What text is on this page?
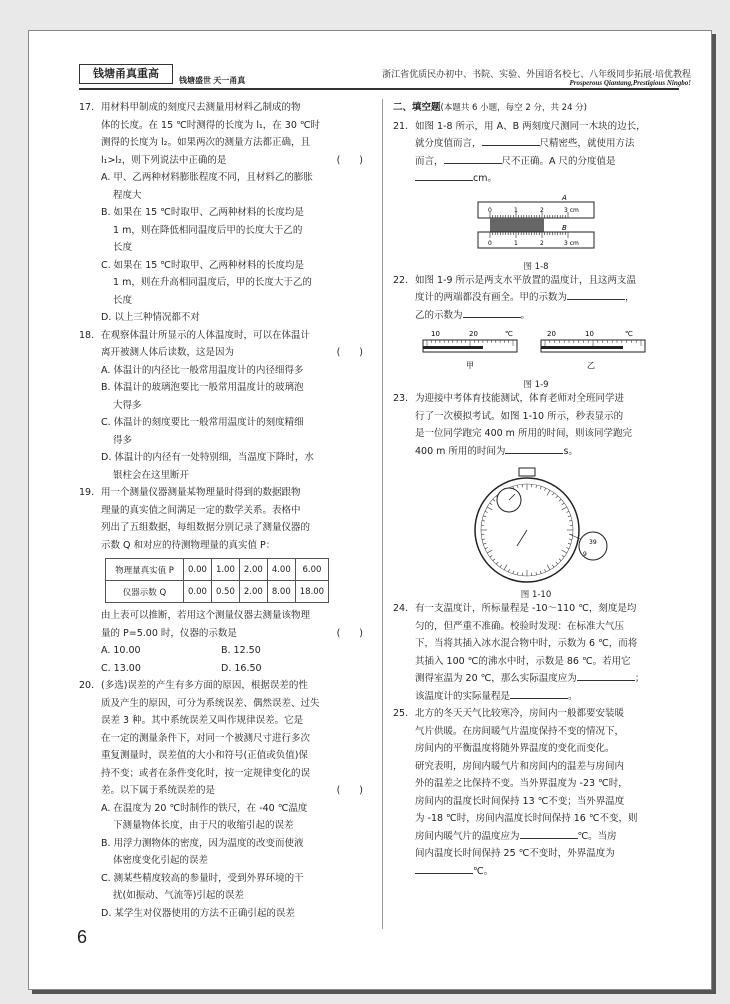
钱塘甬真重高
钱塘盛世 天一甬真
浙江省优质民办初中、书院、实验、外国语名校七、八年级同步拓展·培优教程
Prosperous Qiantang,Prestigious Ningbo!
17. 用材料甲制成的刻度尺去测量用材料乙制成的物
体的长度。在 15 ℃时测得的长度为 l₁，在 30 ℃时
测得的长度为 l₂。如果两次的测量方法都正确，且
l₁>l₂，则下列说法中正确的是	(　　)
A. 甲、乙两种材料膨胀程度不同，且材料乙的膨胀
程度大
B. 如果在 15 ℃时取甲、乙两种材料的长度均是
1 m，则在降低相同温度后甲的长度大于乙的
长度
C. 如果在 15 ℃时取甲、乙两种材料的长度均是
1 m，则在升高相同温度后，甲的长度大于乙的
长度
D. 以上三种情况都不对
18. 在观察体温计所显示的人体温度时，可以在体温计
离开被测人体后读数，这是因为	(　　)
A. 体温计的内径比一般常用温度计的内径细得多
B. 体温计的玻璃泡要比一般常用温度计的玻璃泡
大得多
C. 体温计的刻度要比一般常用温度计的刻度精细
得多
D. 体温计的内径有一处特别细，当温度下降时，水
银柱会在这里断开
19. 用一个测量仪器测量某物理量时得到的数据跟物
理量的真实值之间满足一定的数学关系。表格中
列出了五组数据，每组数据分别记录了测量仪器的
示数 Q 和对应的待测物理量的真实值 P：
物理量真实值 P	0.00	1.00	2.00	4.00	6.00
仪器示数 Q	0.00	0.50	2.00	8.00	18.00
由上表可以推断，若用这个测量仪器去测量该物理
量的 P=5.00 时，仪器的示数是	(　　)
A. 10.00	B. 12.50
C. 13.00	D. 16.50
20. (多选)误差的产生有多方面的原因，根据误差的性
质及产生的原因，可分为系统误差、偶然误差、过失
误差 3 种。其中系统误差又叫作规律误差。它是
在一定的测量条件下，对同一个被测尺寸进行多次
重复测量时，误差值的大小和符号(正值或负值)保
持不变；或者在条件变化时，按一定规律变化的误
差。以下属于系统误差的是	(　　)
A. 在温度为 20 ℃时制作的铁尺，在 -40 ℃温度
下测量物体长度，由于尺的收缩引起的误差
B. 用浮力测物体的密度，因为温度的改变而使液
体密度变化引起的误差
C. 测某些精度较高的参量时，受到外界环境的干
扰(如振动、气流等)引起的误差
D. 某学生对仪器使用的方法不正确引起的误差
二、填空题(本题共 6 小题，每空 2 分，共 24 分)
21. 如图 1-8 所示，用 A、B 两刻度尺测同一木块的边长，
就分度值而言，	尺精密些，就使用方法
而言，	尺不正确。A 尺的分度值是
cm。
A
0	1	2	3 cm
0	1	2	3 cm
B
图 1-8
22. 如图 1-9 所示是两支水平放置的温度计，且这两支温
度计的两端都没有画全。甲的示数为	，
乙的示数为	。
10	20	℃	20	10	℃
甲	乙
图 1-9
23. 为迎接中考体育技能测试，体育老师对全班同学进
行了一次模拟考试。如图 1-10 所示，秒表显示的
是一位同学跑完 400 m 所用的时间，则该同学跑完
400 m 所用的时间为	s。
39
9
图 1-10
24. 有一支温度计，所标量程是 -10～110 ℃，刻度是均
匀的，但严重不准确。校验时发现：在标准大气压
下，当将其插入冰水混合物中时，示数为 6 ℃，而将
其插入 100 ℃的沸水中时，示数是 86 ℃。若用它
测得室温为 20 ℃，那么实际温度应为	；
该温度计的实际量程是	。
25. 北方的冬天天气比较寒冷，房间内一般都要安装暖
气片供暖。在房间暖气片温度保持不变的情况下，
房间内的平衡温度将随外界温度的变化而变化。
研究表明，房间内暖气片和房间内的温差与房间内
外的温差之比保持不变。当外界温度为 -23 ℃时，
房间内的温度长时间保持 13 ℃不变；当外界温度
为 -18 ℃时，房间内温度长时间保持 16 ℃不变，则
房间内暖气片的温度应为	℃。当房
间内温度长时间保持 25 ℃不变时，外界温度为
℃。
6
